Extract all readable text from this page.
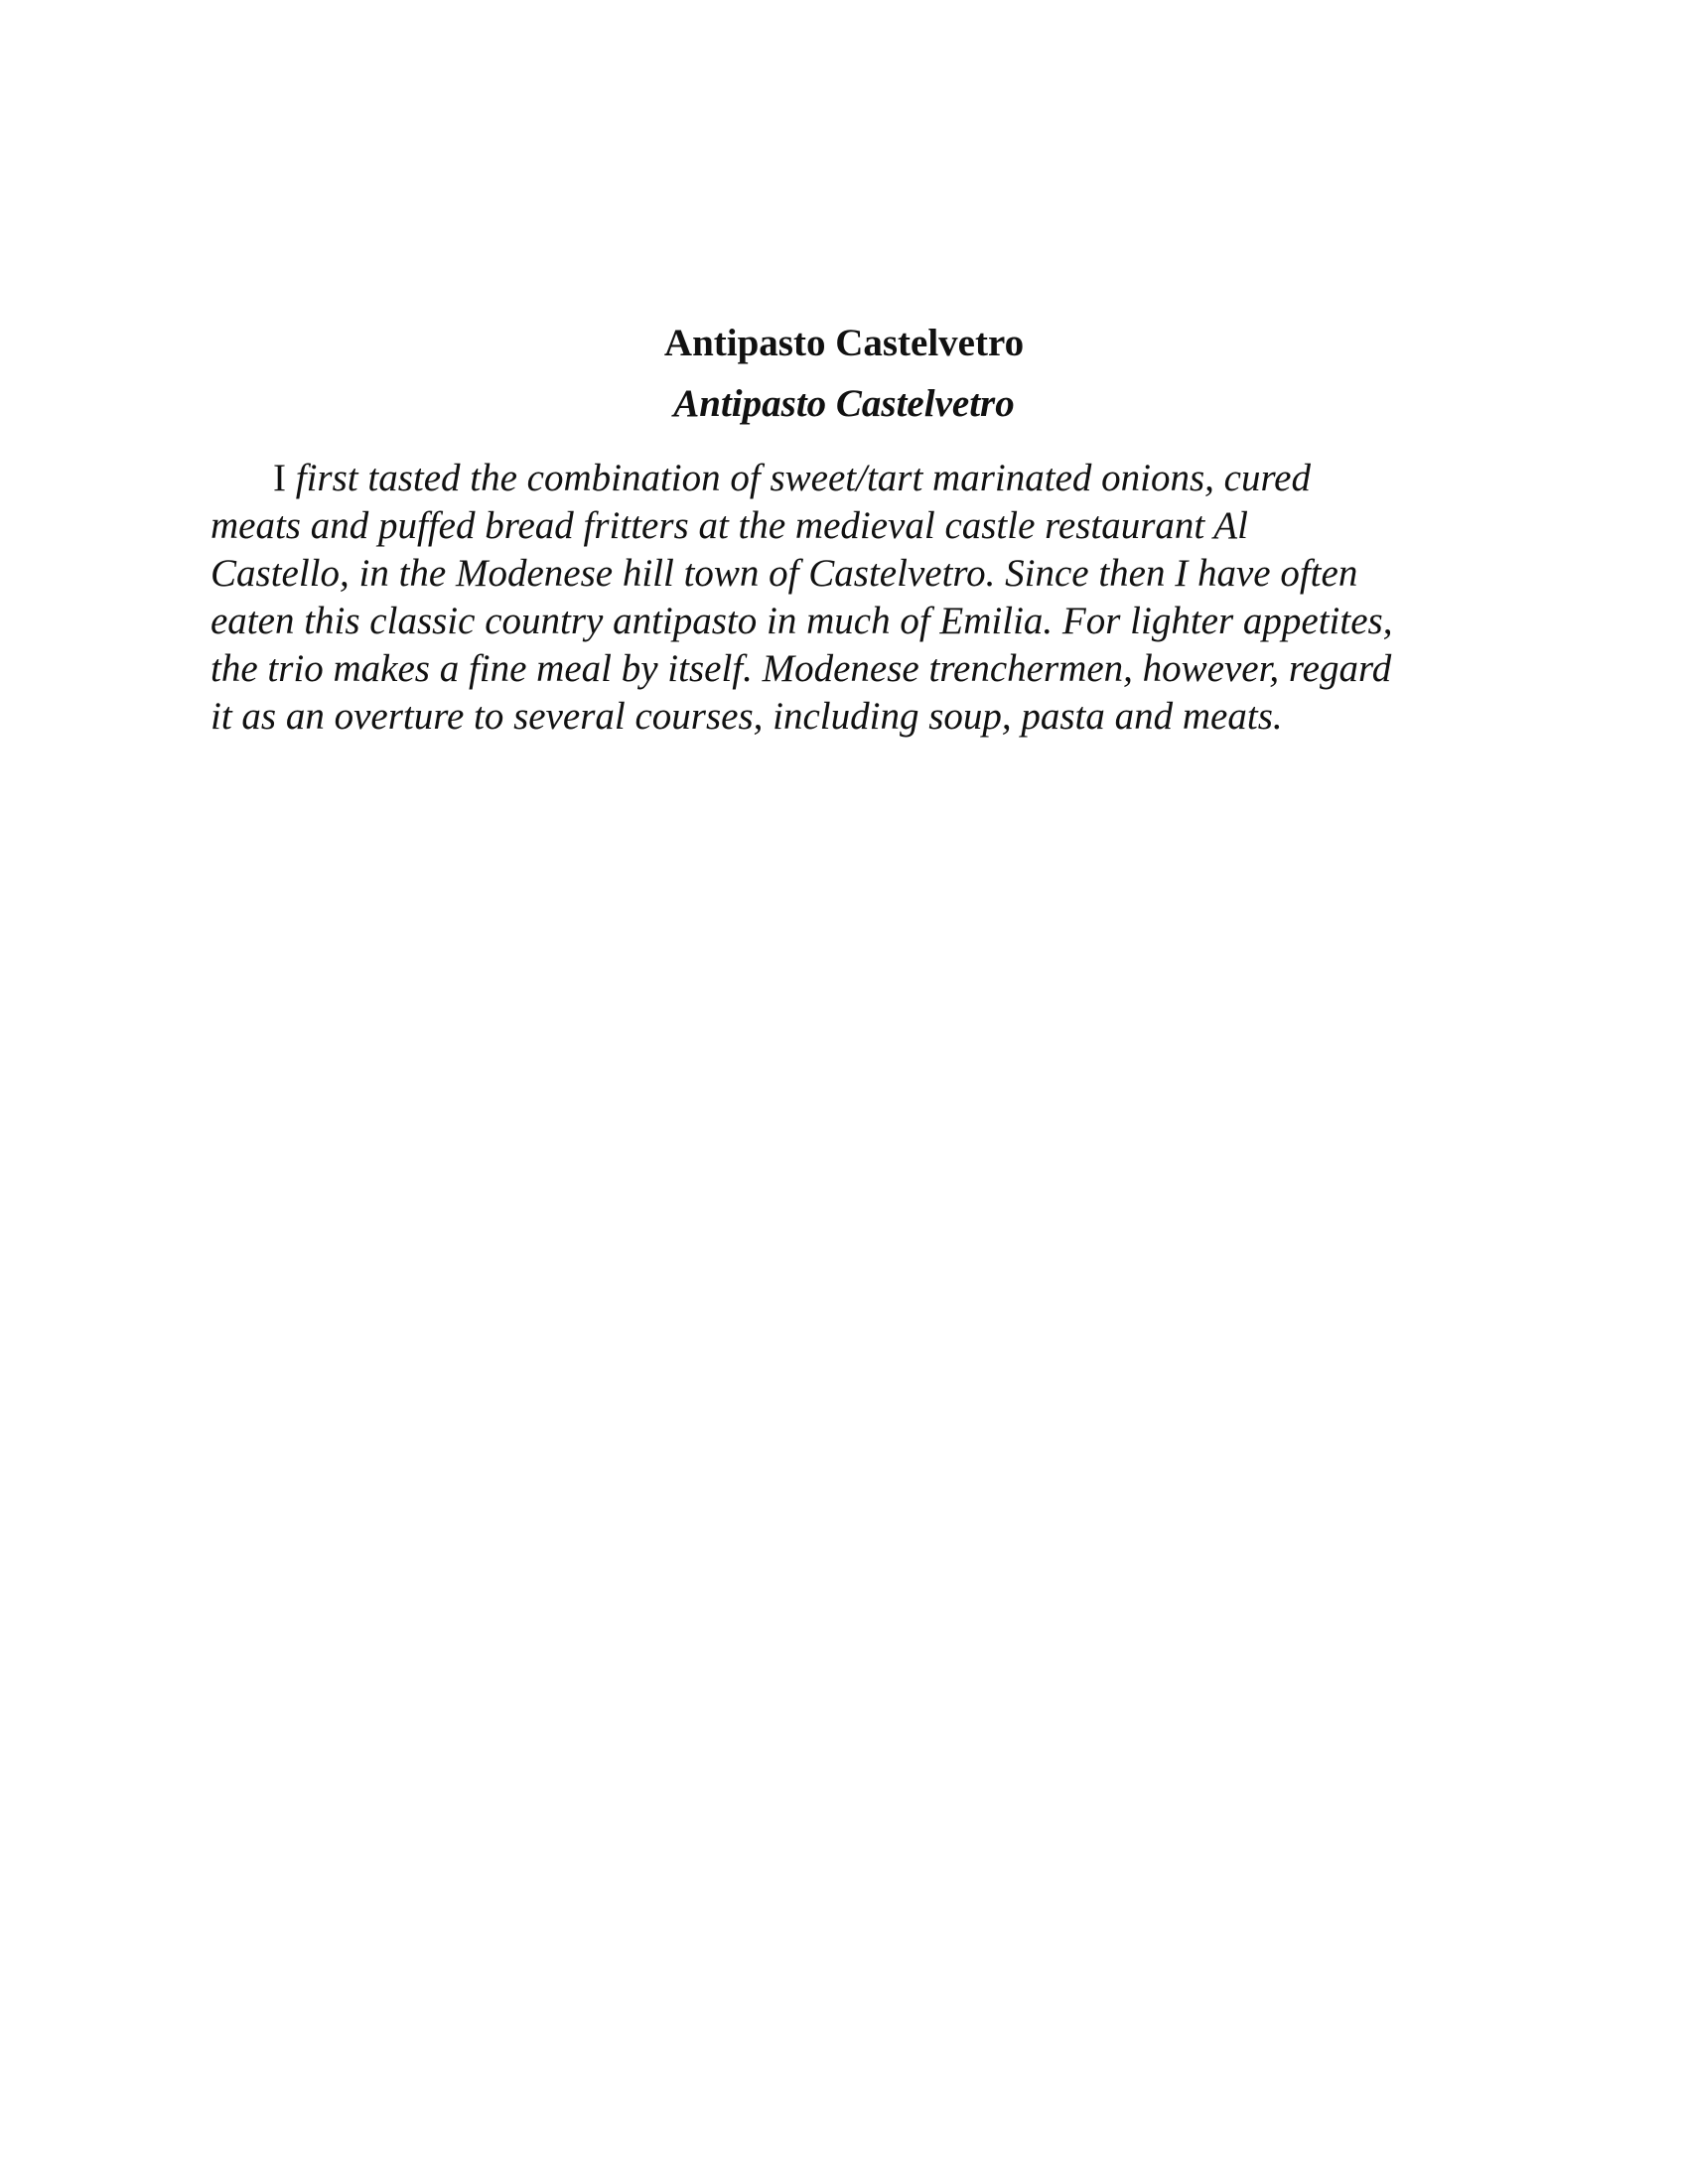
Antipasto Castelvetro
Antipasto Castelvetro
I first tasted the combination of sweet/tart marinated onions, cured
meats and puffed bread fritters at the medieval castle restaurant Al
Castello, in the Modenese hill town of Castelvetro. Since then I have often
eaten this classic country antipasto in much of Emilia. For lighter appetites,
the trio makes a fine meal by itself. Modenese trenchermen, however, regard
it as an overture to several courses, including soup, pasta and meats.
